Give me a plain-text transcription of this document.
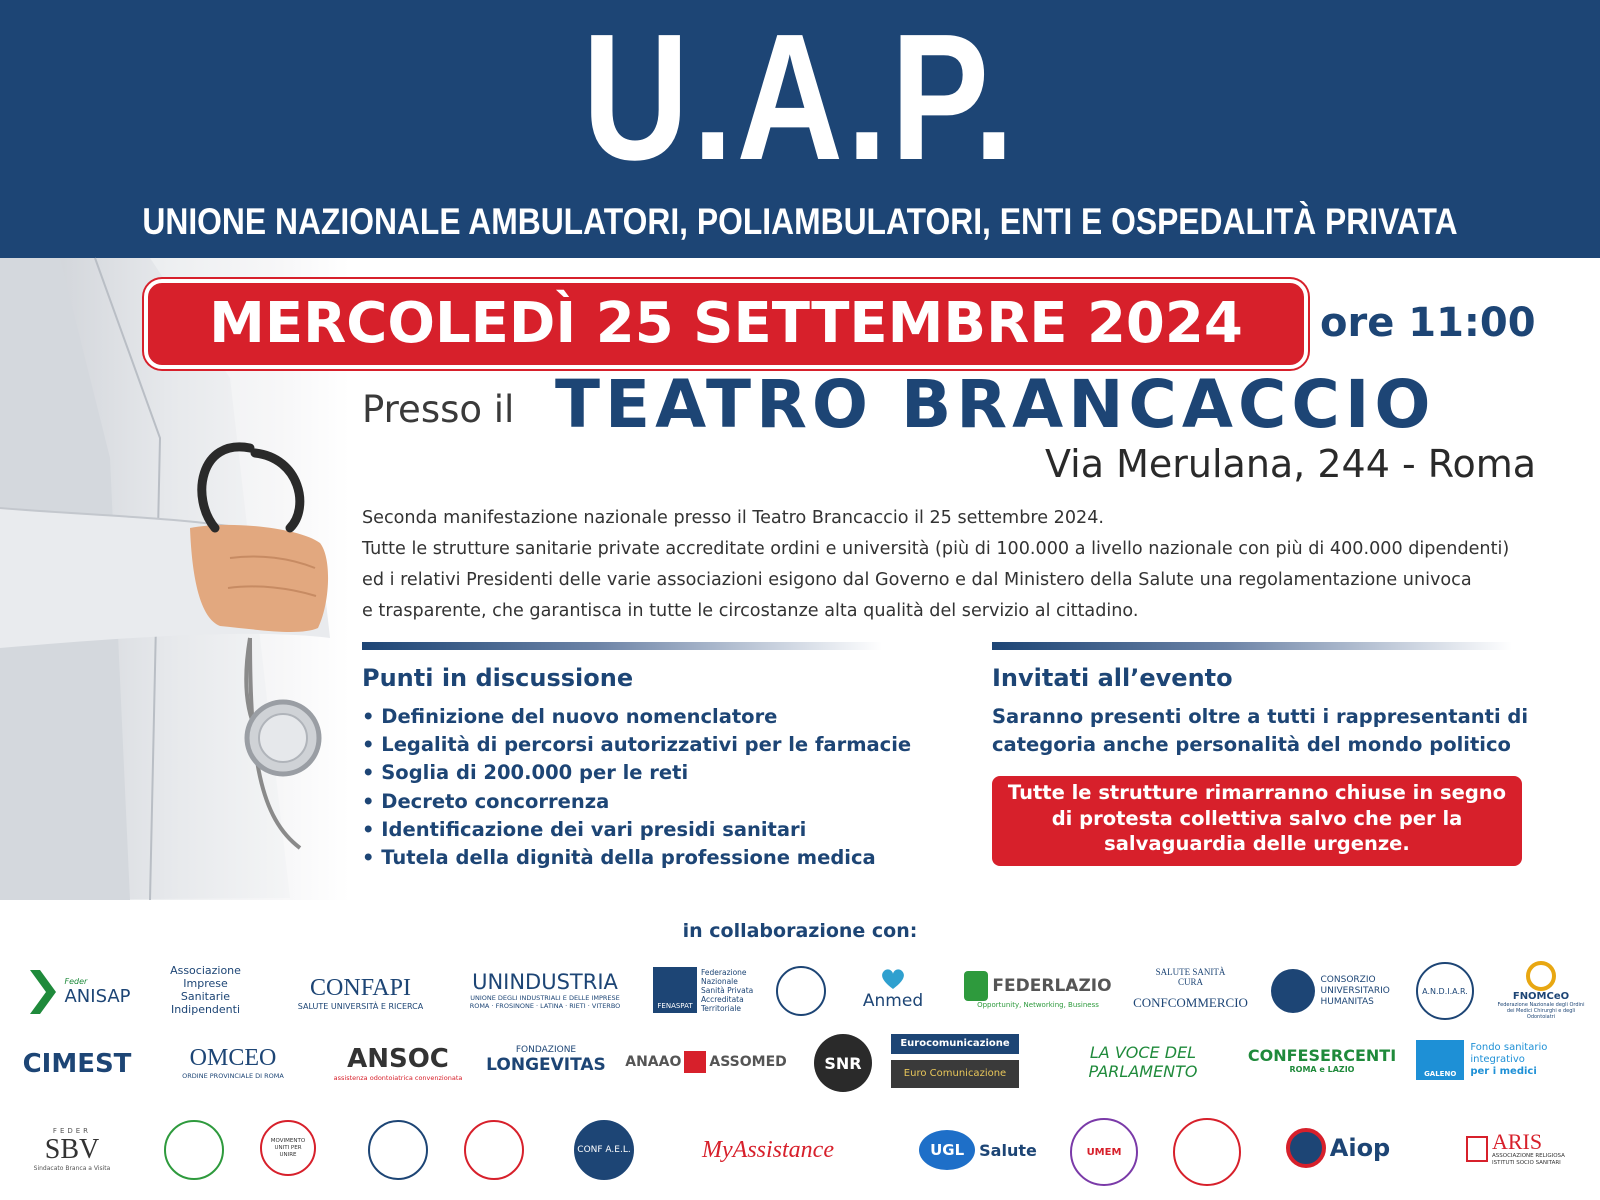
U.A.P.
UNIONE NAZIONALE AMBULATORI, POLIAMBULATORI, ENTI E OSPEDALITÀ PRIVATA
MERCOLEDÌ 25 SETTEMBRE 2024	ore 11:00
Presso il TEATRO BRANCACCIO
Via Merulana, 244 - Roma

Seconda manifestazione nazionale presso il Teatro Brancaccio il 25 settembre 2024.

Tutte le strutture sanitarie private accreditate ordini e università (più di 100.000 a livello nazionale con più di 400.000 dipendenti)

ed i relativi Presidenti delle varie associazioni esigono dal Governo e dal Ministero della Salute una regolamentazione univoca

e trasparente, che garantisca in tutte le circostanze alta qualità del servizio al cittadino.

Punti in discussione	Invitati all’evento
• Definizione del nuovo nomenclatore
• Legalità di percorsi autorizzativi per le farmacie
• Soglia di 200.000 per le reti
• Decreto concorrenza
• Identificazione dei vari presidi sanitari
• Tutela della dignità della professione medica
Saranno presenti oltre a tutti i rappresentanti di
categoria anche personalità del mondo politico
Tutte le strutture rimarranno chiuse in segno
di protesta collettiva salvo che per la
salvaguardia delle urgenze.
in collaborazione con:
Feder
ANISAP
Associazione Imprese Sanitarie Indipendenti
CONFAPI
SALUTE UNIVERSITÀ E RICERCA
UNINDUSTRIA
UNIONE DEGLI INDUSTRIALI E DELLE IMPRESE
ROMA · FROSINONE · LATINA · RIETI · VITERBO	FENASPAT
Federazione Nazionale Sanità Privata Accreditata Territoriale	Anmed
FEDERLAZIO
Opportunity, Networking, Business
SALUTE SANITÀ CURA
CONFCOMMERCIO
CONSORZIO UNIVERSITARIO HUMANITAS
A.N.D.I.A.R.	FNOMCeO
Federazione Nazionale degli Ordini dei Medici Chirurghi e degli Odontoiatri
CIMEST	OMCEO
ORDINE PROVINCIALE DI ROMA
ANSOC
assistenza odontoiatrica convenzionata
FONDAZIONE
LONGEVITAS ANAAO ASSOMED	SNR
Eurocomunicazione
Euro Comunicazione
LA VOCE DEL PARLAMENTO
CONFESERCENTI
ROMA e LAZIO	GALENO
Fondo sanitario integrativo
per i medici
FEDER
SBV
Sindacato Branca a Visita
MOVIMENTO UNITI PER UNIRE	CONF A.E.L.	MyAssistance	UGL Salute	UMEM	Aiop	ARIS
ASSOCIAZIONE RELIGIOSA ISTITUTI SOCIO SANITARI
